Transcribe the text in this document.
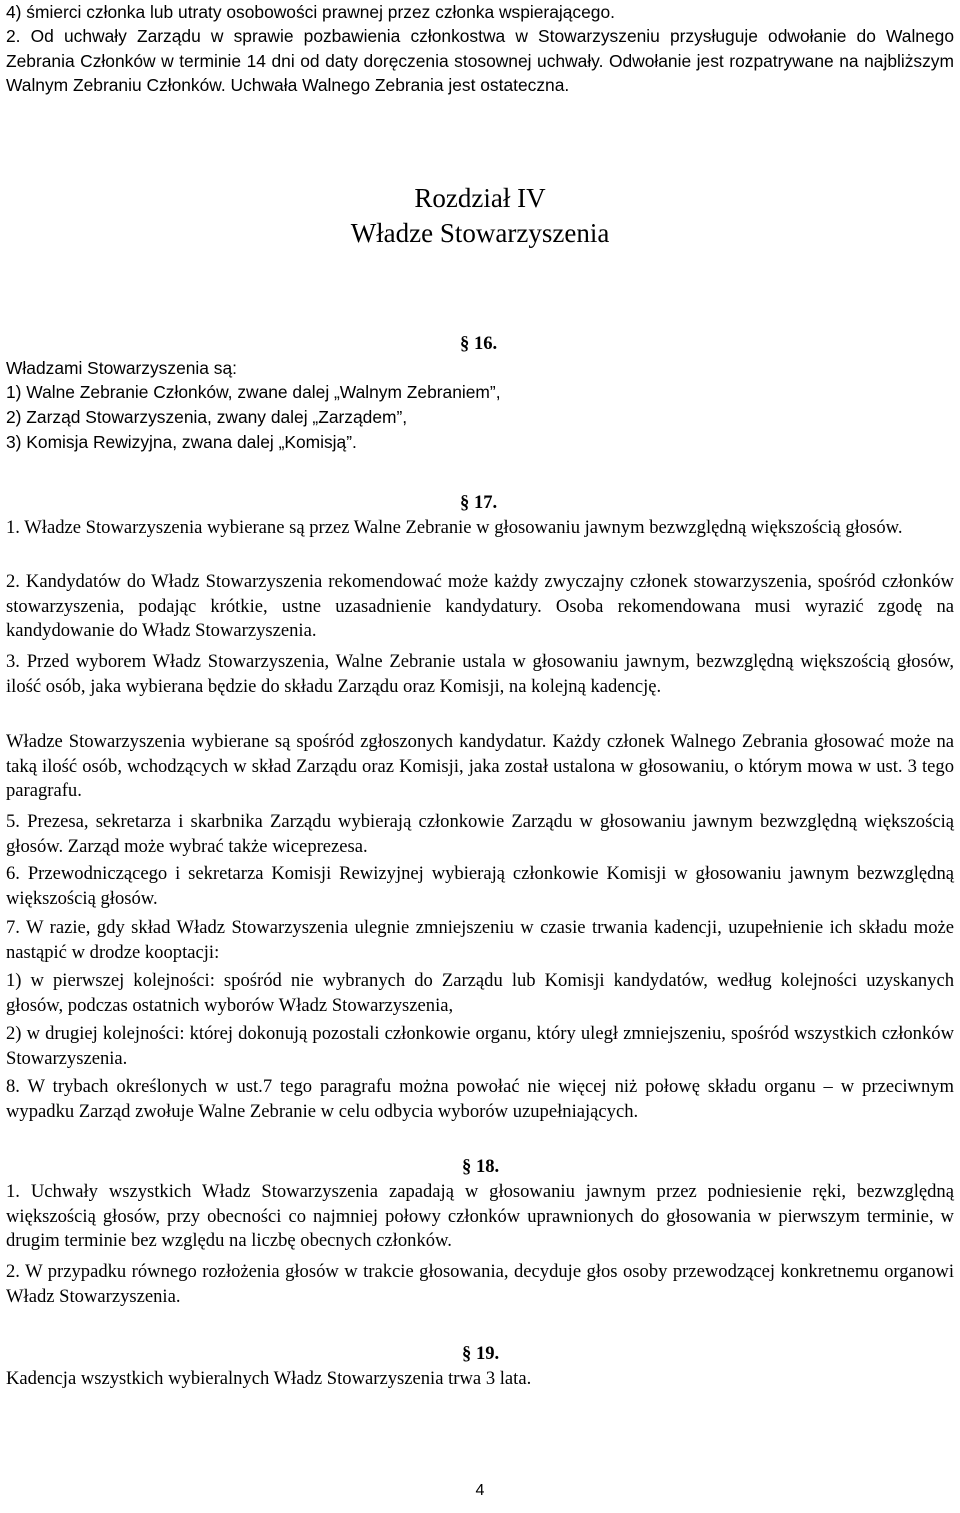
4) śmierci członka lub utraty osobowości prawnej przez członka wspierającego.

2. Od uchwały Zarządu w sprawie pozbawienia członkostwa w Stowarzyszeniu przysługuje odwołanie do Walnego Zebrania Członków w terminie 14 dni od daty doręczenia stosownej uchwały. Odwołanie jest rozpatrywane na najbliższym Walnym Zebraniu Członków. Uchwała Walnego Zebrania jest ostateczna.

Rozdział IV
Władze Stowarzyszenia
§ 16.

Władzami Stowarzyszenia są:

1) Walne Zebranie Członków, zwane dalej „Walnym Zebraniem”,

2) Zarząd Stowarzyszenia, zwany dalej „Zarządem”,

3) Komisja Rewizyjna, zwana dalej „Komisją”.

§ 17.

1. Władze Stowarzyszenia wybierane są przez Walne Zebranie w głosowaniu jawnym bezwzględną większością głosów.

2. Kandydatów do Władz Stowarzyszenia rekomendować może każdy zwyczajny członek stowarzyszenia, spośród członków stowarzyszenia, podając krótkie, ustne uzasadnienie kandydatury. Osoba rekomendowana musi wyrazić zgodę na kandydowanie do Władz Stowarzyszenia.

3. Przed wyborem Władz Stowarzyszenia, Walne Zebranie ustala w głosowaniu jawnym, bezwzględną większością głosów, ilość osób, jaka wybierana będzie do składu Zarządu oraz Komisji, na kolejną kadencję.

Władze Stowarzyszenia wybierane są spośród zgłoszonych kandydatur. Każdy członek Walnego Zebrania głosować może na taką ilość osób, wchodzących w skład Zarządu oraz Komisji, jaka został ustalona w głosowaniu, o którym mowa w ust. 3 tego paragrafu.

5. Prezesa, sekretarza i skarbnika Zarządu wybierają członkowie Zarządu w głosowaniu jawnym bezwzględną większością głosów. Zarząd może wybrać także wiceprezesa.

6. Przewodniczącego i sekretarza Komisji Rewizyjnej wybierają członkowie Komisji w głosowaniu jawnym bezwzględną większością głosów.

7. W razie, gdy skład Władz Stowarzyszenia ulegnie zmniejszeniu w czasie trwania kadencji, uzupełnienie ich składu może nastąpić w drodze kooptacji:

1) w pierwszej kolejności: spośród nie wybranych do Zarządu lub Komisji kandydatów, według kolejności uzyskanych głosów, podczas ostatnich wyborów Władz Stowarzyszenia,

2) w drugiej kolejności: której dokonują pozostali członkowie organu, który uległ zmniejszeniu, spośród wszystkich członków Stowarzyszenia.

8. W trybach określonych w ust.7 tego paragrafu można powołać nie więcej niż połowę składu organu – w przeciwnym wypadku Zarząd zwołuje Walne Zebranie w celu odbycia wyborów uzupełniających.

§ 18.

1. Uchwały wszystkich Władz Stowarzyszenia zapadają w głosowaniu jawnym przez podniesienie ręki, bezwzględną większością głosów, przy obecności co najmniej połowy członków uprawnionych do głosowania w pierwszym terminie, w drugim terminie bez względu na liczbę obecnych członków.

2. W przypadku równego rozłożenia głosów w trakcie głosowania, decyduje głos osoby przewodzącej konkretnemu organowi Władz Stowarzyszenia.

§ 19.

Kadencja wszystkich wybieralnych Władz Stowarzyszenia trwa 3 lata.

4
